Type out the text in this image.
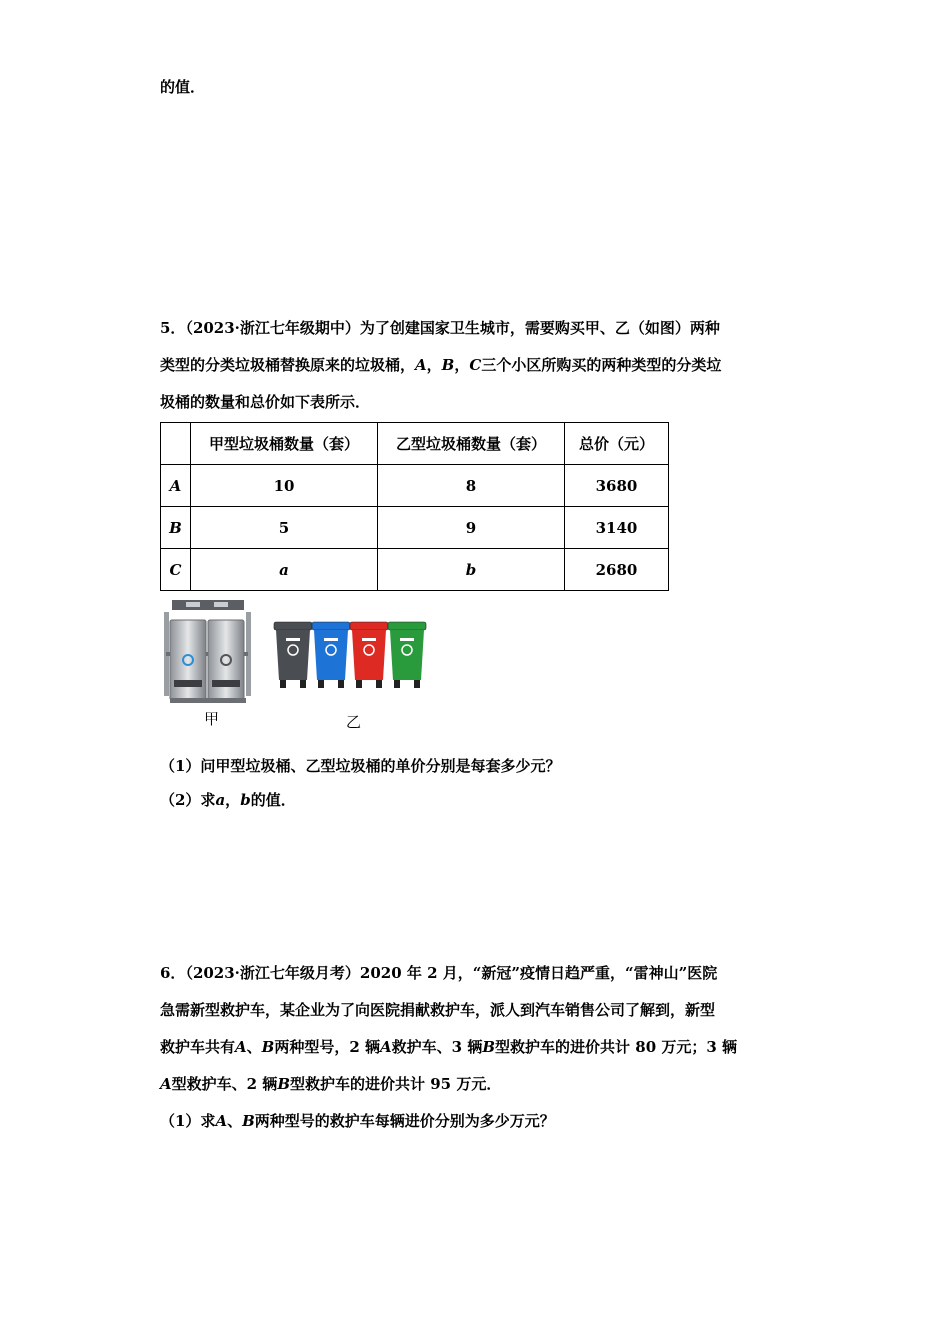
的值．
5．（2023·浙江七年级期中）为了创建国家卫生城市，需要购买甲、乙（如图）两种
类型的分类垃圾桶替换原来的垃圾桶，A，B，C三个小区所购买的两种类型的分类垃
圾桶的数量和总价如下表所示．
	甲型垃圾桶数量（套）	乙型垃圾桶数量（套）	总价（元）
A	10	8	3680
B	5	9	3140
C	a	b	2680
甲	乙
（1）问甲型垃圾桶、乙型垃圾桶的单价分别是每套多少元？
（2）求a，b的值．
6．（2023·浙江七年级月考）2020 年 2 月，“新冠”疫情日趋严重，“雷神山”医院
急需新型救护车，某企业为了向医院捐献救护车，派人到汽车销售公司了解到，新型
救护车共有A、B两种型号，2 辆A救护车、3 辆B型救护车的进价共计 80 万元；3 辆
A型救护车、2 辆B型救护车的进价共计 95 万元．
（1）求A、B两种型号的救护车每辆进价分别为多少万元？
